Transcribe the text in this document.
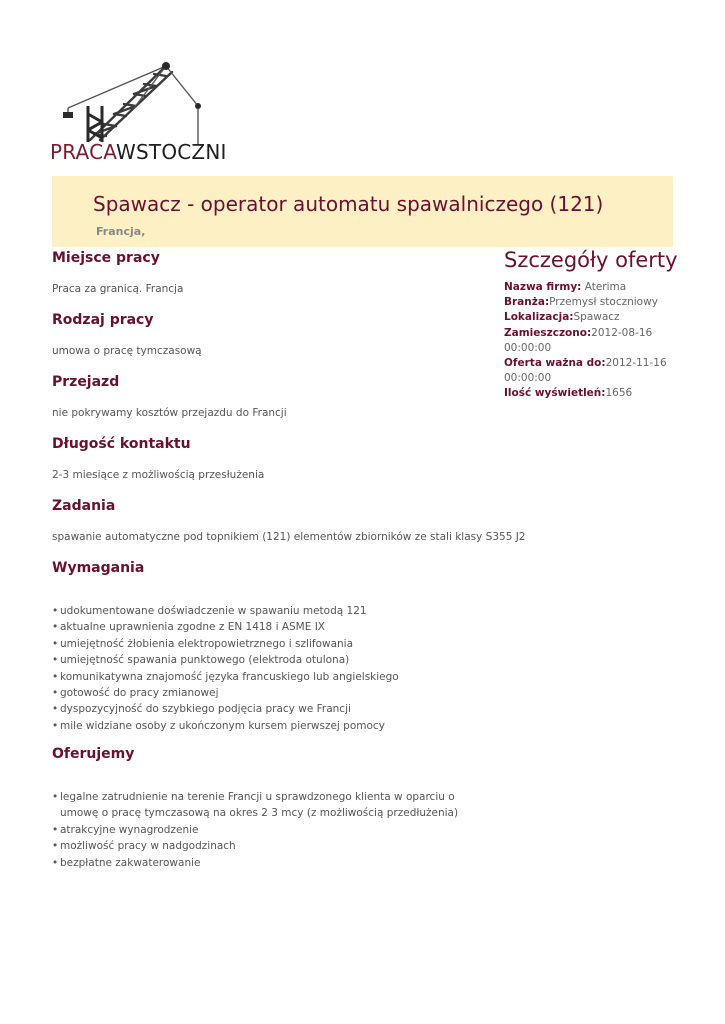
PRACAWSTOCZNI
Spawacz - operator automatu spawalniczego (121)
Francja,
Miejsce pracy
Praca za granicą. Francja
Rodzaj pracy
umowa o pracę tymczasową
Przejazd
nie pokrywamy kosztów przejazdu do Francji
Długość kontaktu
2-3 miesiące z możliwością przesłużenia
Zadania
spawanie automatyczne pod topnikiem (121) elementów zbiorników ze stali klasy S355 J2
Wymagania
• udokumentowane doświadczenie w spawaniu metodą 121
• aktualne uprawnienia zgodne z EN 1418 i ASME IX
• umiejętność żłobienia elektropowietrznego i szlifowania
• umiejętność spawania punktowego (elektroda otulona)
• komunikatywna znajomość języka francuskiego lub angielskiego
• gotowość do pracy zmianowej
• dyspozycyjność do szybkiego podjęcia pracy we Francji
• mile widziane osoby z ukończonym kursem pierwszej pomocy
Oferujemy
• legalne zatrudnienie na terenie Francji u sprawdzonego klienta w oparciu o umowę o pracę tymczasową na okres 2 3 mcy (z możliwością przedłużenia)
• atrakcyjne wynagrodzenie
• możliwość pracy w nadgodzinach
• bezpłatne zakwaterowanie
Szczegóły oferty
Nazwa firmy: Aterima
Branża:Przemysł stoczniowy
Lokalizacja:Spawacz
Zamieszczono:2012-08-16 00:00:00
Oferta ważna do:2012-11-16 00:00:00
Ilość wyświetleń:1656
